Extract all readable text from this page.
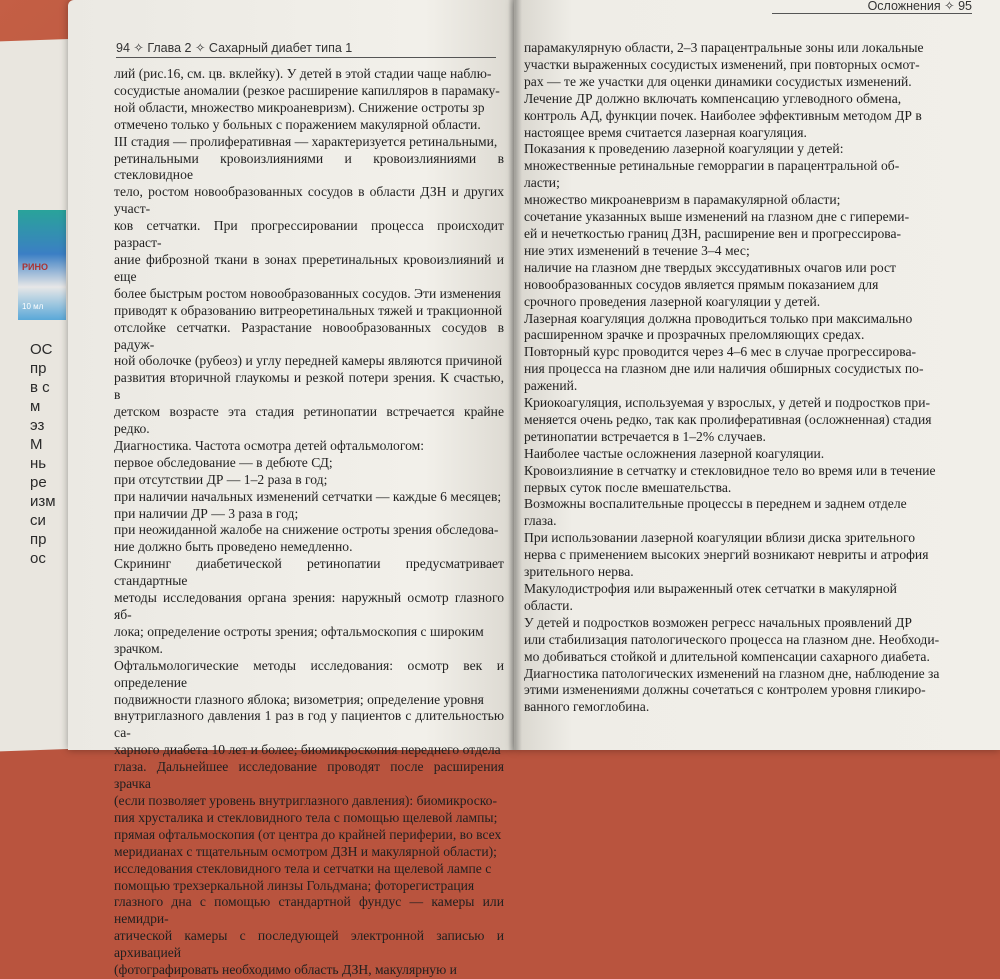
РИНО
10 мл
ОС
пр
в с
м
эз
М
нь
ре
изм
си
пр
ос
94 ✧ Глава 2 ✧ Сахарный диабет типа 1

лий (рис.16, см. цв. вклейку). У детей в этой стадии чаще наблю-

сосудистые аномалии (резкое расширение капилляров в парамаку-

ной области, множество микроаневризм). Снижение остроты зр

отмечено только у больных с поражением макулярной области.

III стадия — пролиферативная — характеризуется ретинальными,

ретинальными кровоизлияниями и кровоизлияниями в стекловидное

тело, ростом новообразованных сосудов в области ДЗН и других участ-

ков сетчатки. При прогрессировании процесса происходит разраст-

ание фиброзной ткани в зонах преретинальных кровоизлияний и еще

более быстрым ростом новообразованных сосудов. Эти изменения

приводят к образованию витреоретинальных тяжей и тракционной

отслойке сетчатки. Разрастание новообразованных сосудов в радуж-

ной оболочке (рубеоз) и углу передней камеры являются причиной

развития вторичной глаукомы и резкой потери зрения. К счастью, в

детском возрасте эта стадия ретинопатии встречается крайне редко.

Диагностика. Частота осмотра детей офтальмологом:

первое обследование — в дебюте СД;

при отсутствии ДР — 1–2 раза в год;

при наличии начальных изменений сетчатки — каждые 6 месяцев;

при наличии ДР — 3 раза в год;

при неожиданной жалобе на снижение остроты зрения обследова-

ние должно быть проведено немедленно.

Скрининг диабетической ретинопатии предусматривает стандартные

методы исследования органа зрения: наружный осмотр глазного яб-

лока; определение остроты зрения; офтальмоскопия с широким

зрачком.

Офтальмологические методы исследования: осмотр век и определение

подвижности глазного яблока; визометрия; определение уровня

внутриглазного давления 1 раз в год у пациентов с длительностью са-

харного диабета 10 лет и более; биомикроскопия переднего отдела

глаза. Дальнейшее исследование проводят после расширения зрачка

(если позволяет уровень внутриглазного давления): биомикроско-

пия хрусталика и стекловидного тела с помощью щелевой лампы;

прямая офтальмоскопия (от центра до крайней периферии, во всех

меридианах с тщательным осмотром ДЗН и макулярной области);

исследования стекловидного тела и сетчатки на щелевой лампе с

помощью трехзеркальной линзы Гольдмана; фоторегистрация

глазного дна с помощью стандартной фундус — камеры или немидри-

атической камеры с последующей электронной записью и архивацией

(фотографировать необходимо область ДЗН, макулярную и

Осложнения ✧ 95

парамакулярную области, 2–3 парацентральные зоны или локальные

участки выраженных сосудистых изменений, при повторных осмот-

рах — те же участки для оценки динамики сосудистых изменений.

Лечение ДР должно включать компенсацию углеводного обмена,

контроль АД, функции почек. Наиболее эффективным методом ДР в

настоящее время считается лазерная коагуляция.

Показания к проведению лазерной коагуляции у детей:

множественные ретинальные геморрагии в парацентральной об-

ласти;

множество микроаневризм в парамакулярной области;

сочетание указанных выше изменений на глазном дне с гипереми-

ей и нечеткостью границ ДЗН, расширение вен и прогрессирова-

ние этих изменений в течение 3–4 мес;

наличие на глазном дне твердых экссудативных очагов или рост

новообразованных сосудов является прямым показанием для

срочного проведения лазерной коагуляции у детей.

Лазерная коагуляция должна проводиться только при максимально

расширенном зрачке и прозрачных преломляющих средах.

Повторный курс проводится через 4–6 мес в случае прогрессирова-

ния процесса на глазном дне или наличия обширных сосудистых по-

ражений.

Криокоагуляция, используемая у взрослых, у детей и подростков при-

меняется очень редко, так как пролиферативная (осложненная) стадия

ретинопатии встречается в 1–2% случаев.

Наиболее частые осложнения лазерной коагуляции.

Кровоизлияние в сетчатку и стекловидное тело во время или в течение

первых суток после вмешательства.

Возможны воспалительные процессы в переднем и заднем отделе

глаза.

При использовании лазерной коагуляции вблизи диска зрительного

нерва с применением высоких энергий возникают невриты и атрофия

зрительного нерва.

Макулодистрофия или выраженный отек сетчатки в макулярной

области.

У детей и подростков возможен регресс начальных проявлений ДР

или стабилизация патологического процесса на глазном дне. Необходи-

мо добиваться стойкой и длительной компенсации сахарного диабета.

Диагностика патологических изменений на глазном дне, наблюдение за

этими изменениями должны сочетаться с контролем уровня гликиро-

ванного гемоглобина.
